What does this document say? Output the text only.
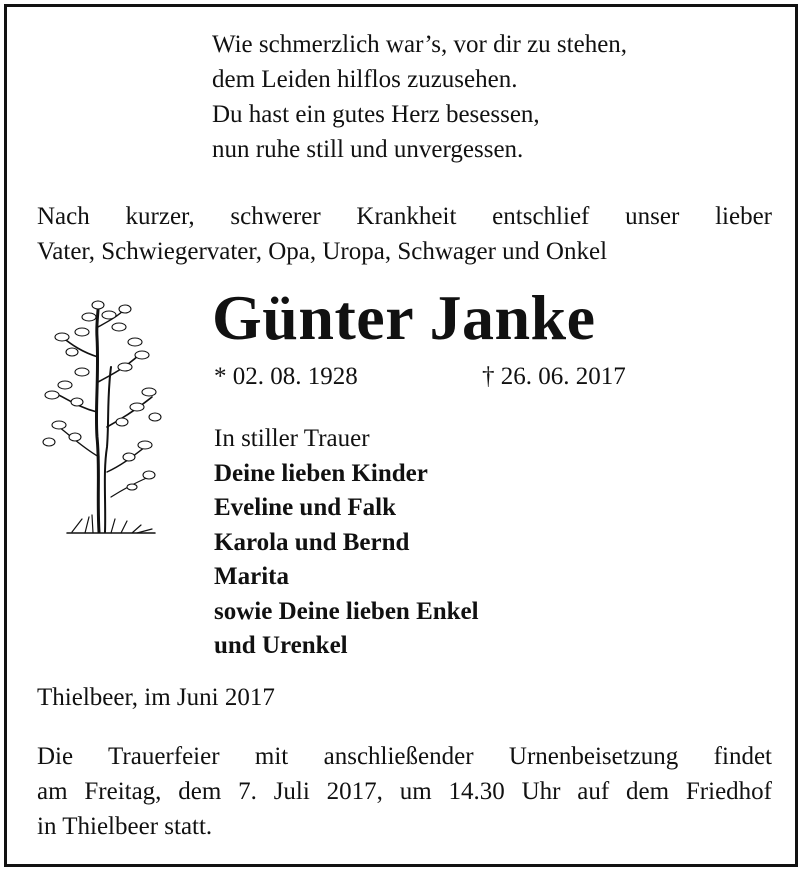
Wie schmerzlich war’s, vor dir zu stehen,
dem Leiden hilflos zuzusehen.
Du hast ein gutes Herz besessen,
nun ruhe still und unvergessen.
Nach kurzer, schwerer Krankheit entschlief unser lieber
Vater, Schwiegervater, Opa, Uropa, Schwager und Onkel
Günter Janke
* 02. 08. 1928	† 26. 06. 2017
In stiller Trauer
Deine lieben Kinder
Eveline und Falk
Karola und Bernd
Marita
sowie Deine lieben Enkel
und Urenkel
Thielbeer, im Juni 2017
Die Trauerfeier mit anschließender Urnenbeisetzung findet
am Freitag, dem 7. Juli 2017, um 14.30 Uhr auf dem Friedhof
in Thielbeer statt.
